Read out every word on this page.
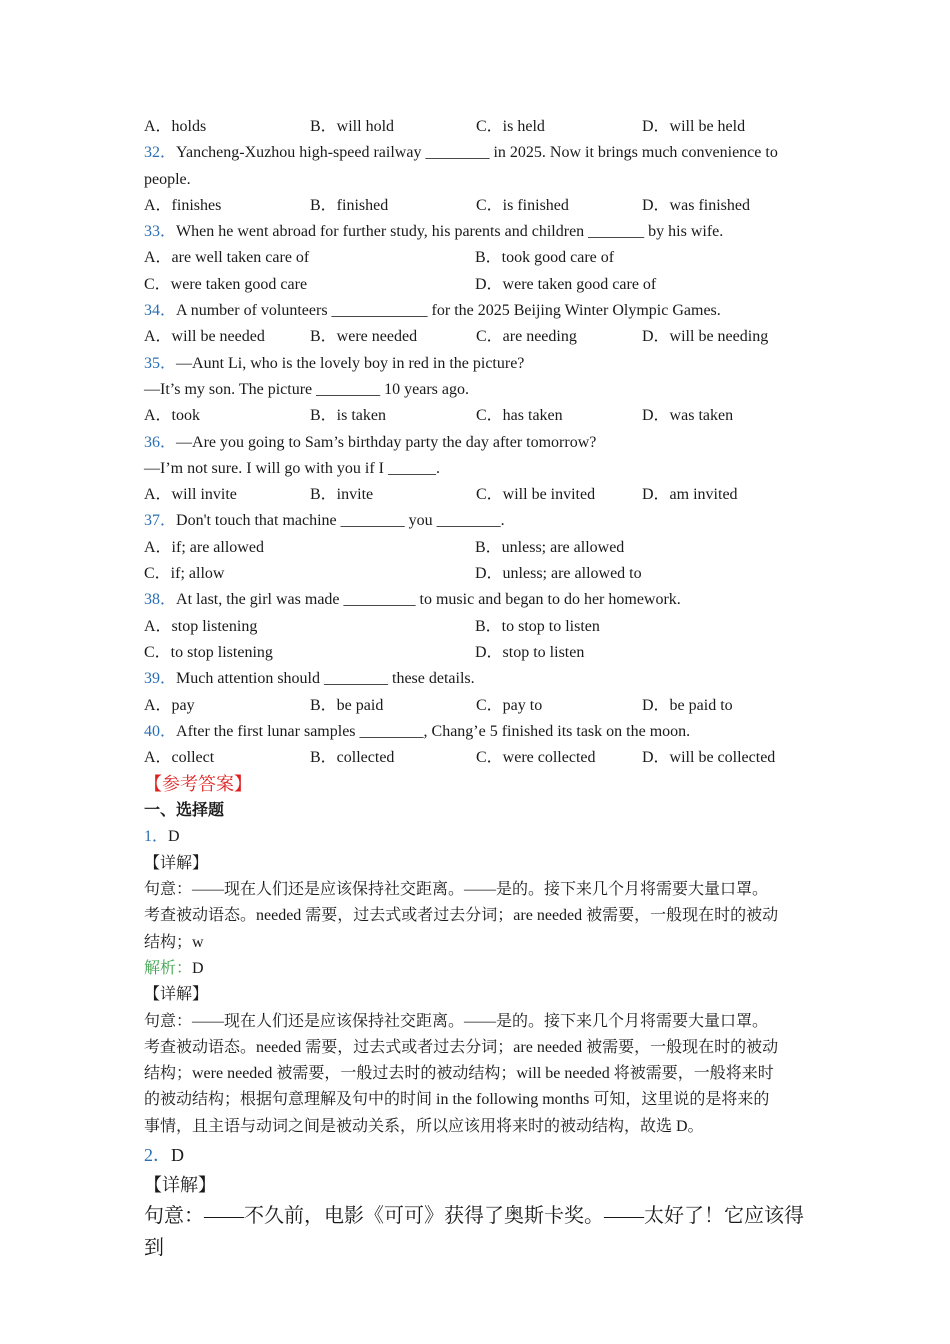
A．holds	B．will hold	C．is held	D．will be held
32．Yancheng-Xuzhou high-speed railway ________ in 2025. Now it brings much convenience to people.
A．finishes	B．finished	C．is finished	D．was finished
33．When he went abroad for further study, his parents and children _______ by his wife.
A．are well taken care of	B．took good care of
C．were taken good care	D．were taken good care of
34．A number of volunteers ____________ for the 2025 Beijing Winter Olympic Games.
A．will be needed	B．were needed	C．are needing	D．will be needing
35．—Aunt Li, who is the lovely boy in red in the picture?
—It’s my son. The picture ________ 10 years ago.
A．took	B．is taken	C．has taken	D．was taken
36．—Are you going to Sam’s birthday party the day after tomorrow?
—I’m not sure. I will go with you if I ______.
A．will invite	B．invite	C．will be invited	D．am invited
37．Don't touch that machine ________ you ________.
A．if; are allowed	B．unless; are allowed
C．if; allow	D．unless; are allowed to
38．At last, the girl was made _________ to music and began to do her homework.
A．stop listening	B．to stop to listen
C．to stop listening	D．stop to listen
39．Much attention should ________ these details.
A．pay	B．be paid	C．pay to	D．be paid to
40．After the first lunar samples ________, Chang’e 5 finished its task on the moon.
A．collect	B．collected	C．were collected	D．will be collected
【参考答案】
一、选择题
1．D
【详解】
句意：——现在人们还是应该保持社交距离。——是的。接下来几个月将需要大量口罩。
考查被动语态。needed 需要，过去式或者过去分词；are needed 被需要，一般现在时的被动
结构；w
解析：D
【详解】
句意：——现在人们还是应该保持社交距离。——是的。接下来几个月将需要大量口罩。
考查被动语态。needed 需要，过去式或者过去分词；are needed 被需要，一般现在时的被动
结构；were needed 被需要，一般过去时的被动结构；will be needed 将被需要，一般将来时
的被动结构；根据句意理解及句中的时间 in the following months 可知，这里说的是将来的
事情，且主语与动词之间是被动关系，所以应该用将来时的被动结构，故选 D。
2．D
【详解】
句意：——不久前，电影《可可》获得了奥斯卡奖。——太好了！它应该得到
